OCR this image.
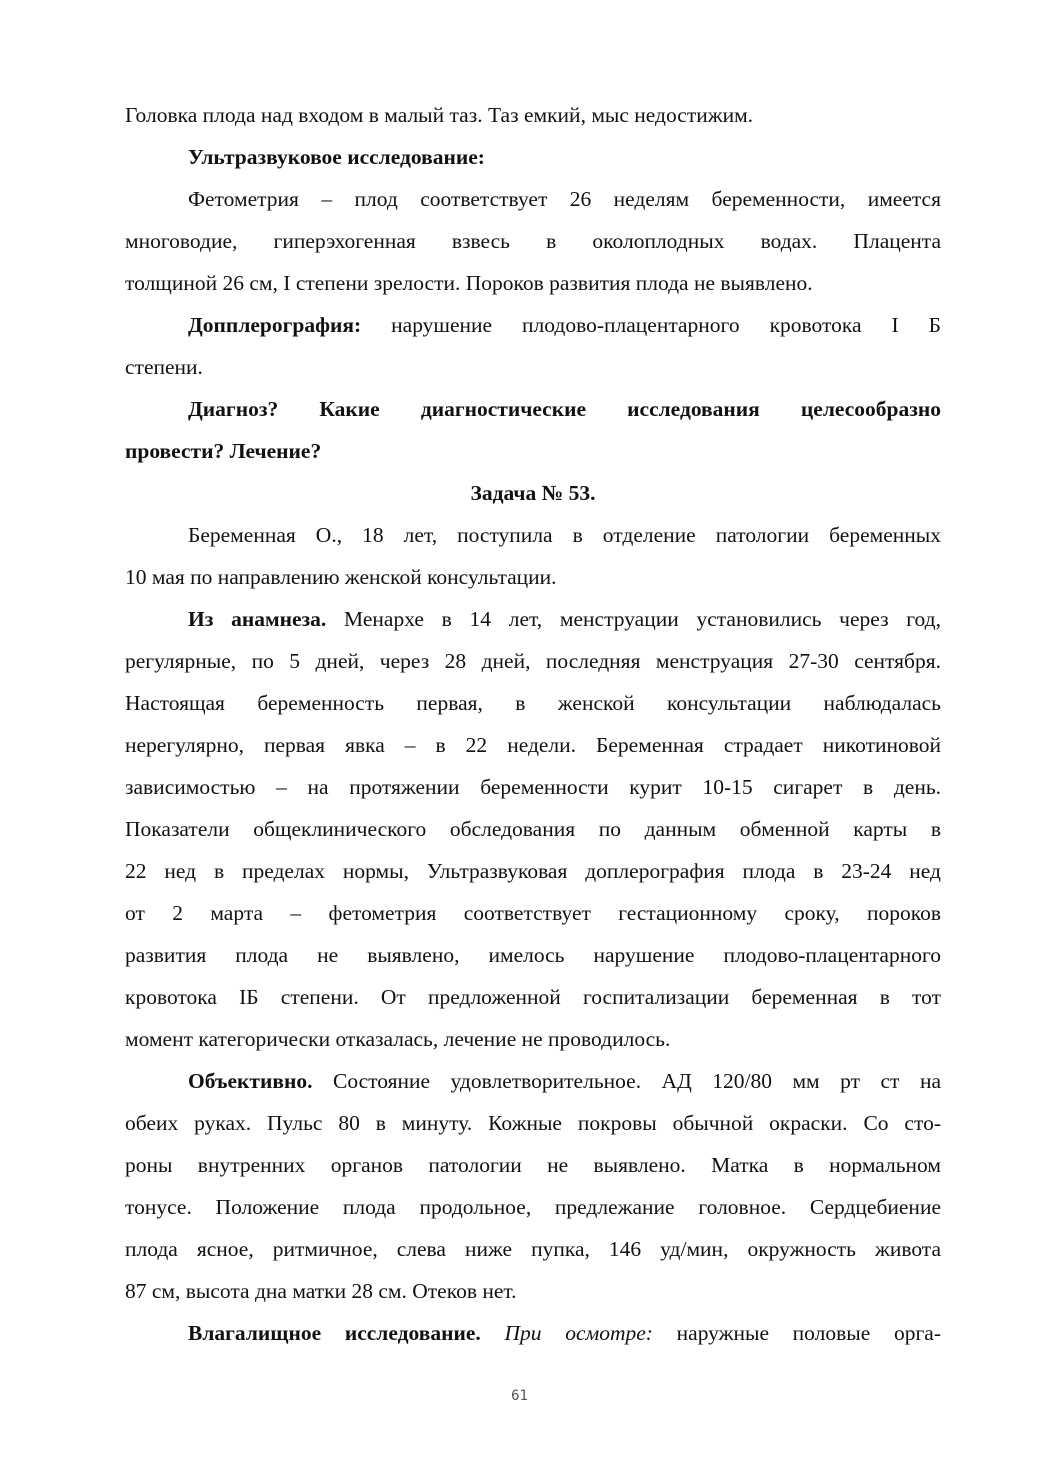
Головка плода над входом в малый таз. Таз емкий, мыс недостижим.

Ультразвуковое исследование:

Фетометрия – плод соответствует 26 неделям беременности, имеется

многоводие, гиперэхогенная взвесь в околоплодных водах. Плацента

толщиной 26 см, I степени зрелости. Пороков развития плода не выявлено.

Допплерография: нарушение плодово-плацентарного кровотока I Б

степени.

Диагноз? Какие диагностические исследования целесообразно

провести? Лечение?

Задача № 53.

Беременная О., 18 лет, поступила в отделение патологии беременных

10 мая по направлению женской консультации.

Из анамнеза. Менархе в 14 лет, менструации установились через год,

регулярные, по 5 дней, через 28 дней, последняя менструация 27-30 сентября.

Настоящая беременность первая, в женской консультации наблюдалась

нерегулярно, первая явка – в 22 недели. Беременная страдает никотиновой

зависимостью – на протяжении беременности курит 10-15 сигарет в день.

Показатели общеклинического обследования по данным обменной карты в

22 нед в пределах нормы, Ультразвуковая доплерография плода в 23-24 нед

от 2 марта – фетометрия соответствует гестационному сроку, пороков

развития плода не выявлено, имелось нарушение плодово-плацентарного

кровотока IБ степени. От предложенной госпитализации беременная в тот

момент категорически отказалась, лечение не проводилось.

Объективно. Состояние удовлетворительное. АД 120/80 мм рт ст на

обеих руках. Пульс 80 в минуту. Кожные покровы обычной окраски. Со сто-

роны внутренних органов патологии не выявлено. Матка в нормальном

тонусе. Положение плода продольное, предлежание головное. Сердцебиение

плода ясное, ритмичное, слева ниже пупка, 146 уд/мин, окружность живота

87 см, высота дна матки 28 см. Отеков нет.

Влагалищное исследование. При осмотре: наружные половые орга-

61
